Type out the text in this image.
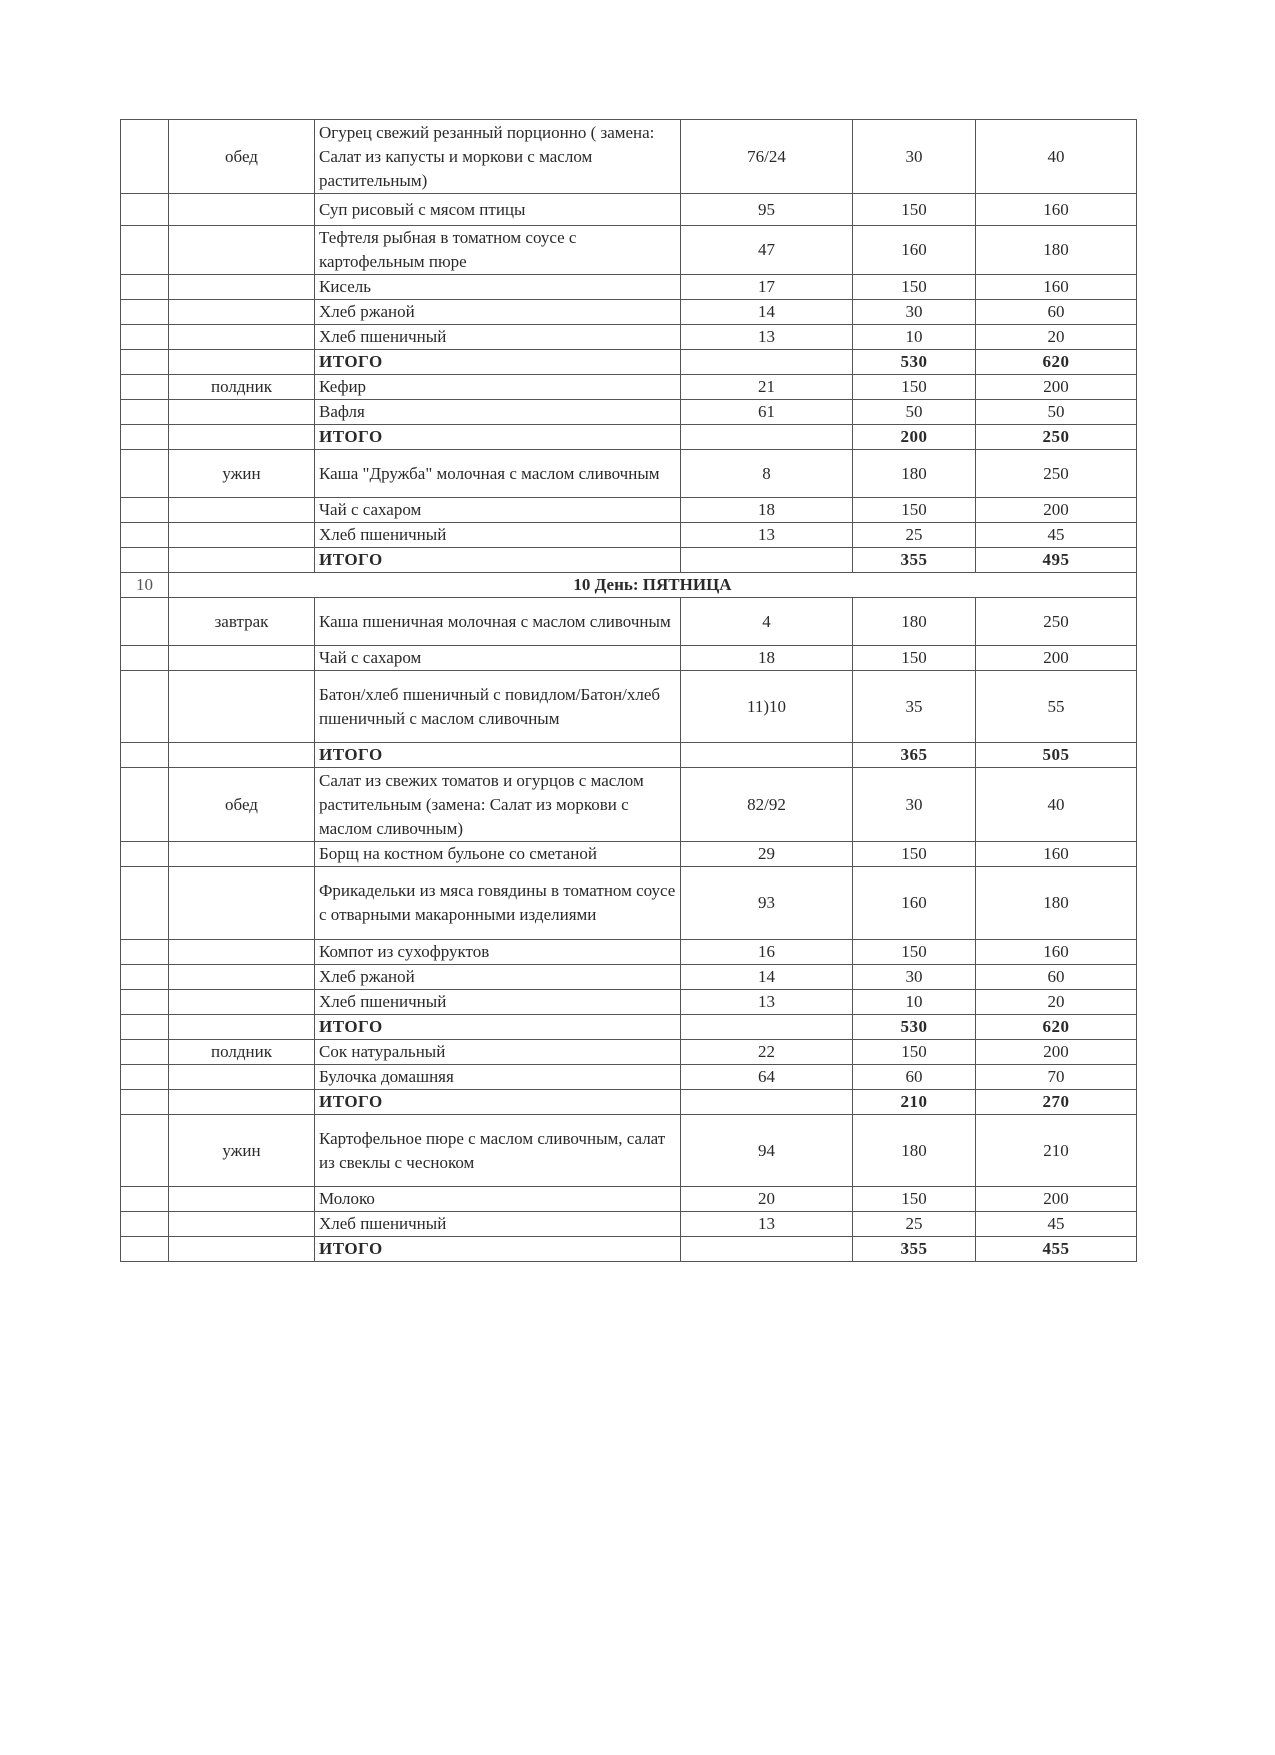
	обед	Огурец свежий резанный порционно ( замена: Салат из капусты и моркови с маслом растительным)	76/24	30	40
		Суп рисовый с мясом птицы	95	150	160
		Тефтеля рыбная в томатном соусе с картофельным пюре	47	160	180
		Кисель	17	150	160
		Хлеб ржаной	14	30	60
		Хлеб пшеничный	13	10	20
		ИТОГО		530	620
	полдник	Кефир	21	150	200
		Вафля	61	50	50
		ИТОГО		200	250
	ужин	Каша "Дружба" молочная с маслом сливочным	8	180	250
		Чай с сахаром	18	150	200
		Хлеб пшеничный	13	25	45
		ИТОГО		355	495
10	10 День: ПЯТНИЦА				
	завтрак	Каша пшеничная молочная с маслом сливочным	4	180	250
		Чай с сахаром	18	150	200
		Батон/хлеб пшеничный с повидлом/Батон/хлеб пшеничный с маслом сливочным	11)10	35	55
		ИТОГО		365	505
	обед	Салат из свежих томатов и огурцов с маслом растительным (замена: Салат из моркови с маслом сливочным)	82/92	30	40
		Борщ на костном бульоне со сметаной	29	150	160
		Фрикадельки из мяса говядины в томатном соусе с отварными макаронными изделиями	93	160	180
		Компот из сухофруктов	16	150	160
		Хлеб ржаной	14	30	60
		Хлеб пшеничный	13	10	20
		ИТОГО		530	620
	полдник	Сок натуральный	22	150	200
		Булочка домашняя	64	60	70
		ИТОГО		210	270
	ужин	Картофельное пюре с маслом сливочным, салат из свеклы с чесноком	94	180	210
		Молоко	20	150	200
		Хлеб пшеничный	13	25	45
		ИТОГО		355	455
